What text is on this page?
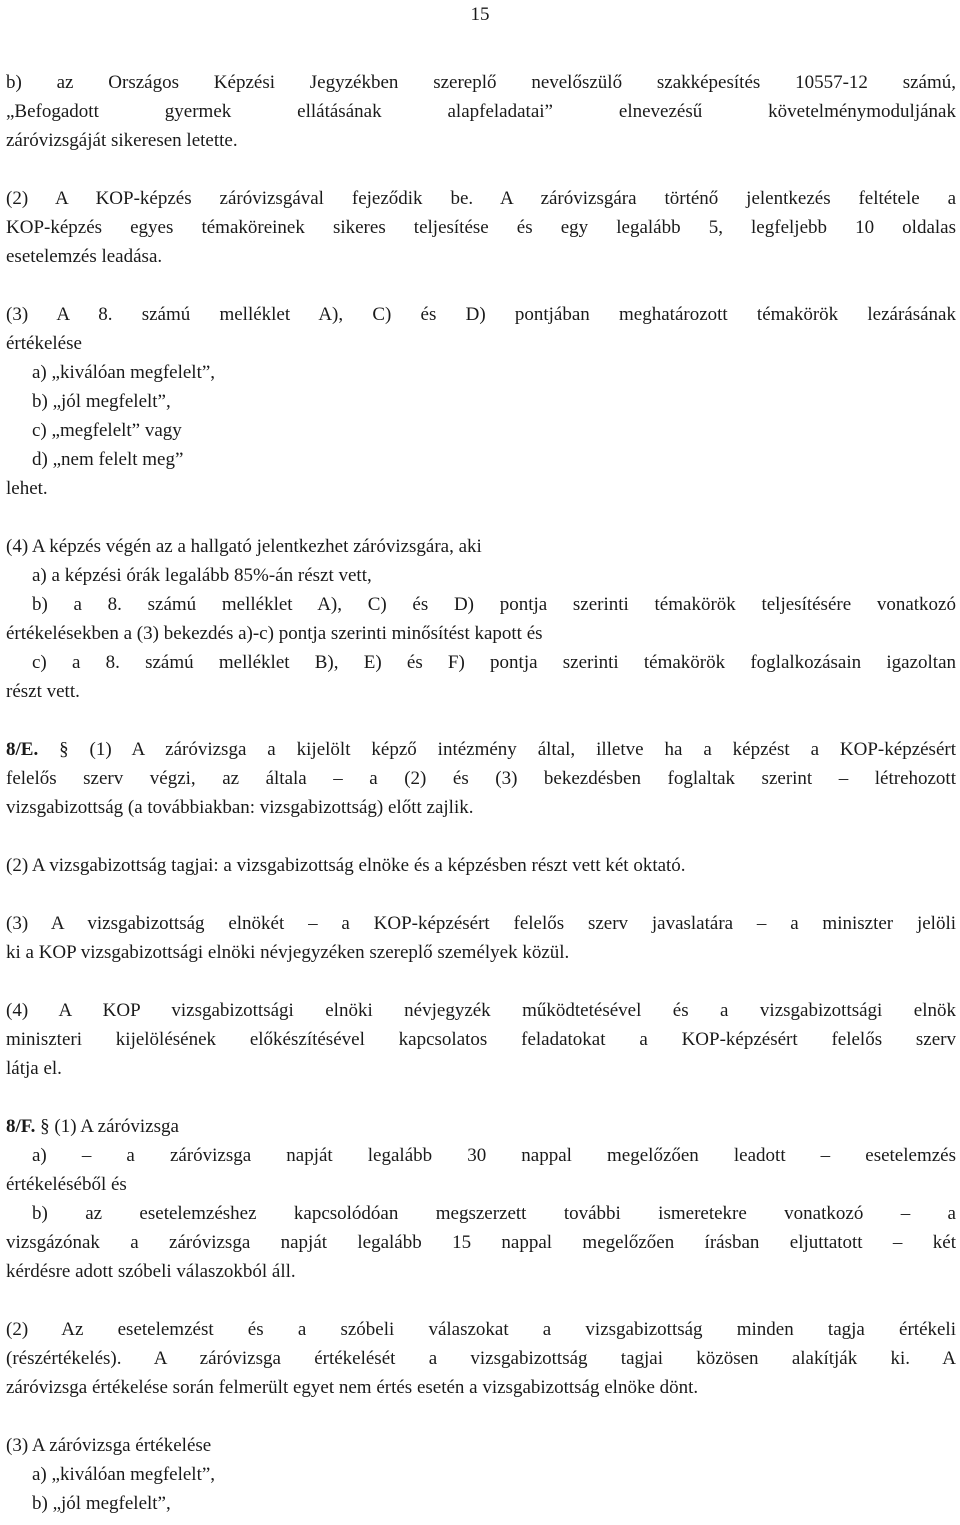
15
b) az Országos Képzési Jegyzékben szereplő nevelőszülő szakképesítés 10557-12 számú,
„Befogadott gyermek ellátásának alapfeladatai” elnevezésű követelménymoduljának
záróvizsgáját sikeresen letette.
(2) A KOP-képzés záróvizsgával fejeződik be. A záróvizsgára történő jelentkezés feltétele a
KOP-képzés egyes témaköreinek sikeres teljesítése és egy legalább 5, legfeljebb 10 oldalas
esetelemzés leadása.
(3) A 8. számú melléklet A), C) és D) pontjában meghatározott témakörök lezárásának
értékelése
a) „kiválóan megfelelt”,
b) „jól megfelelt”,
c) „megfelelt” vagy
d) „nem felelt meg”
lehet.
(4) A képzés végén az a hallgató jelentkezhet záróvizsgára, aki
a) a képzési órák legalább 85%-án részt vett,
b) a 8. számú melléklet A), C) és D) pontja szerinti témakörök teljesítésére vonatkozó
értékelésekben a (3) bekezdés a)-c) pontja szerinti minősítést kapott és
c) a 8. számú melléklet B), E) és F) pontja szerinti témakörök foglalkozásain igazoltan
részt vett.
8/E. § (1) A záróvizsga a kijelölt képző intézmény által, illetve ha a képzést a KOP-képzésért
felelős szerv végzi, az általa – a (2) és (3) bekezdésben foglaltak szerint – létrehozott
vizsgabizottság (a továbbiakban: vizsgabizottság) előtt zajlik.
(2) A vizsgabizottság tagjai: a vizsgabizottság elnöke és a képzésben részt vett két oktató.
(3) A vizsgabizottság elnökét – a KOP-képzésért felelős szerv javaslatára – a miniszter jelöli
ki a KOP vizsgabizottsági elnöki névjegyzéken szereplő személyek közül.
(4) A KOP vizsgabizottsági elnöki névjegyzék működtetésével és a vizsgabizottsági elnök
miniszteri kijelölésének előkészítésével kapcsolatos feladatokat a KOP-képzésért felelős szerv
látja el.
8/F. § (1) A záróvizsga
a) – a záróvizsga napját legalább 30 nappal megelőzően leadott – esetelemzés
értékeléséből és
b) az esetelemzéshez kapcsolódóan megszerzett további ismeretekre vonatkozó – a
vizsgázónak a záróvizsga napját legalább 15 nappal megelőzően írásban eljuttatott – két
kérdésre adott szóbeli válaszokból áll.
(2) Az esetelemzést és a szóbeli válaszokat a vizsgabizottság minden tagja értékeli
(részértékelés). A záróvizsga értékelését a vizsgabizottság tagjai közösen alakítják ki. A
záróvizsga értékelése során felmerült egyet nem értés esetén a vizsgabizottság elnöke dönt.
(3) A záróvizsga értékelése
a) „kiválóan megfelelt”,
b) „jól megfelelt”,
